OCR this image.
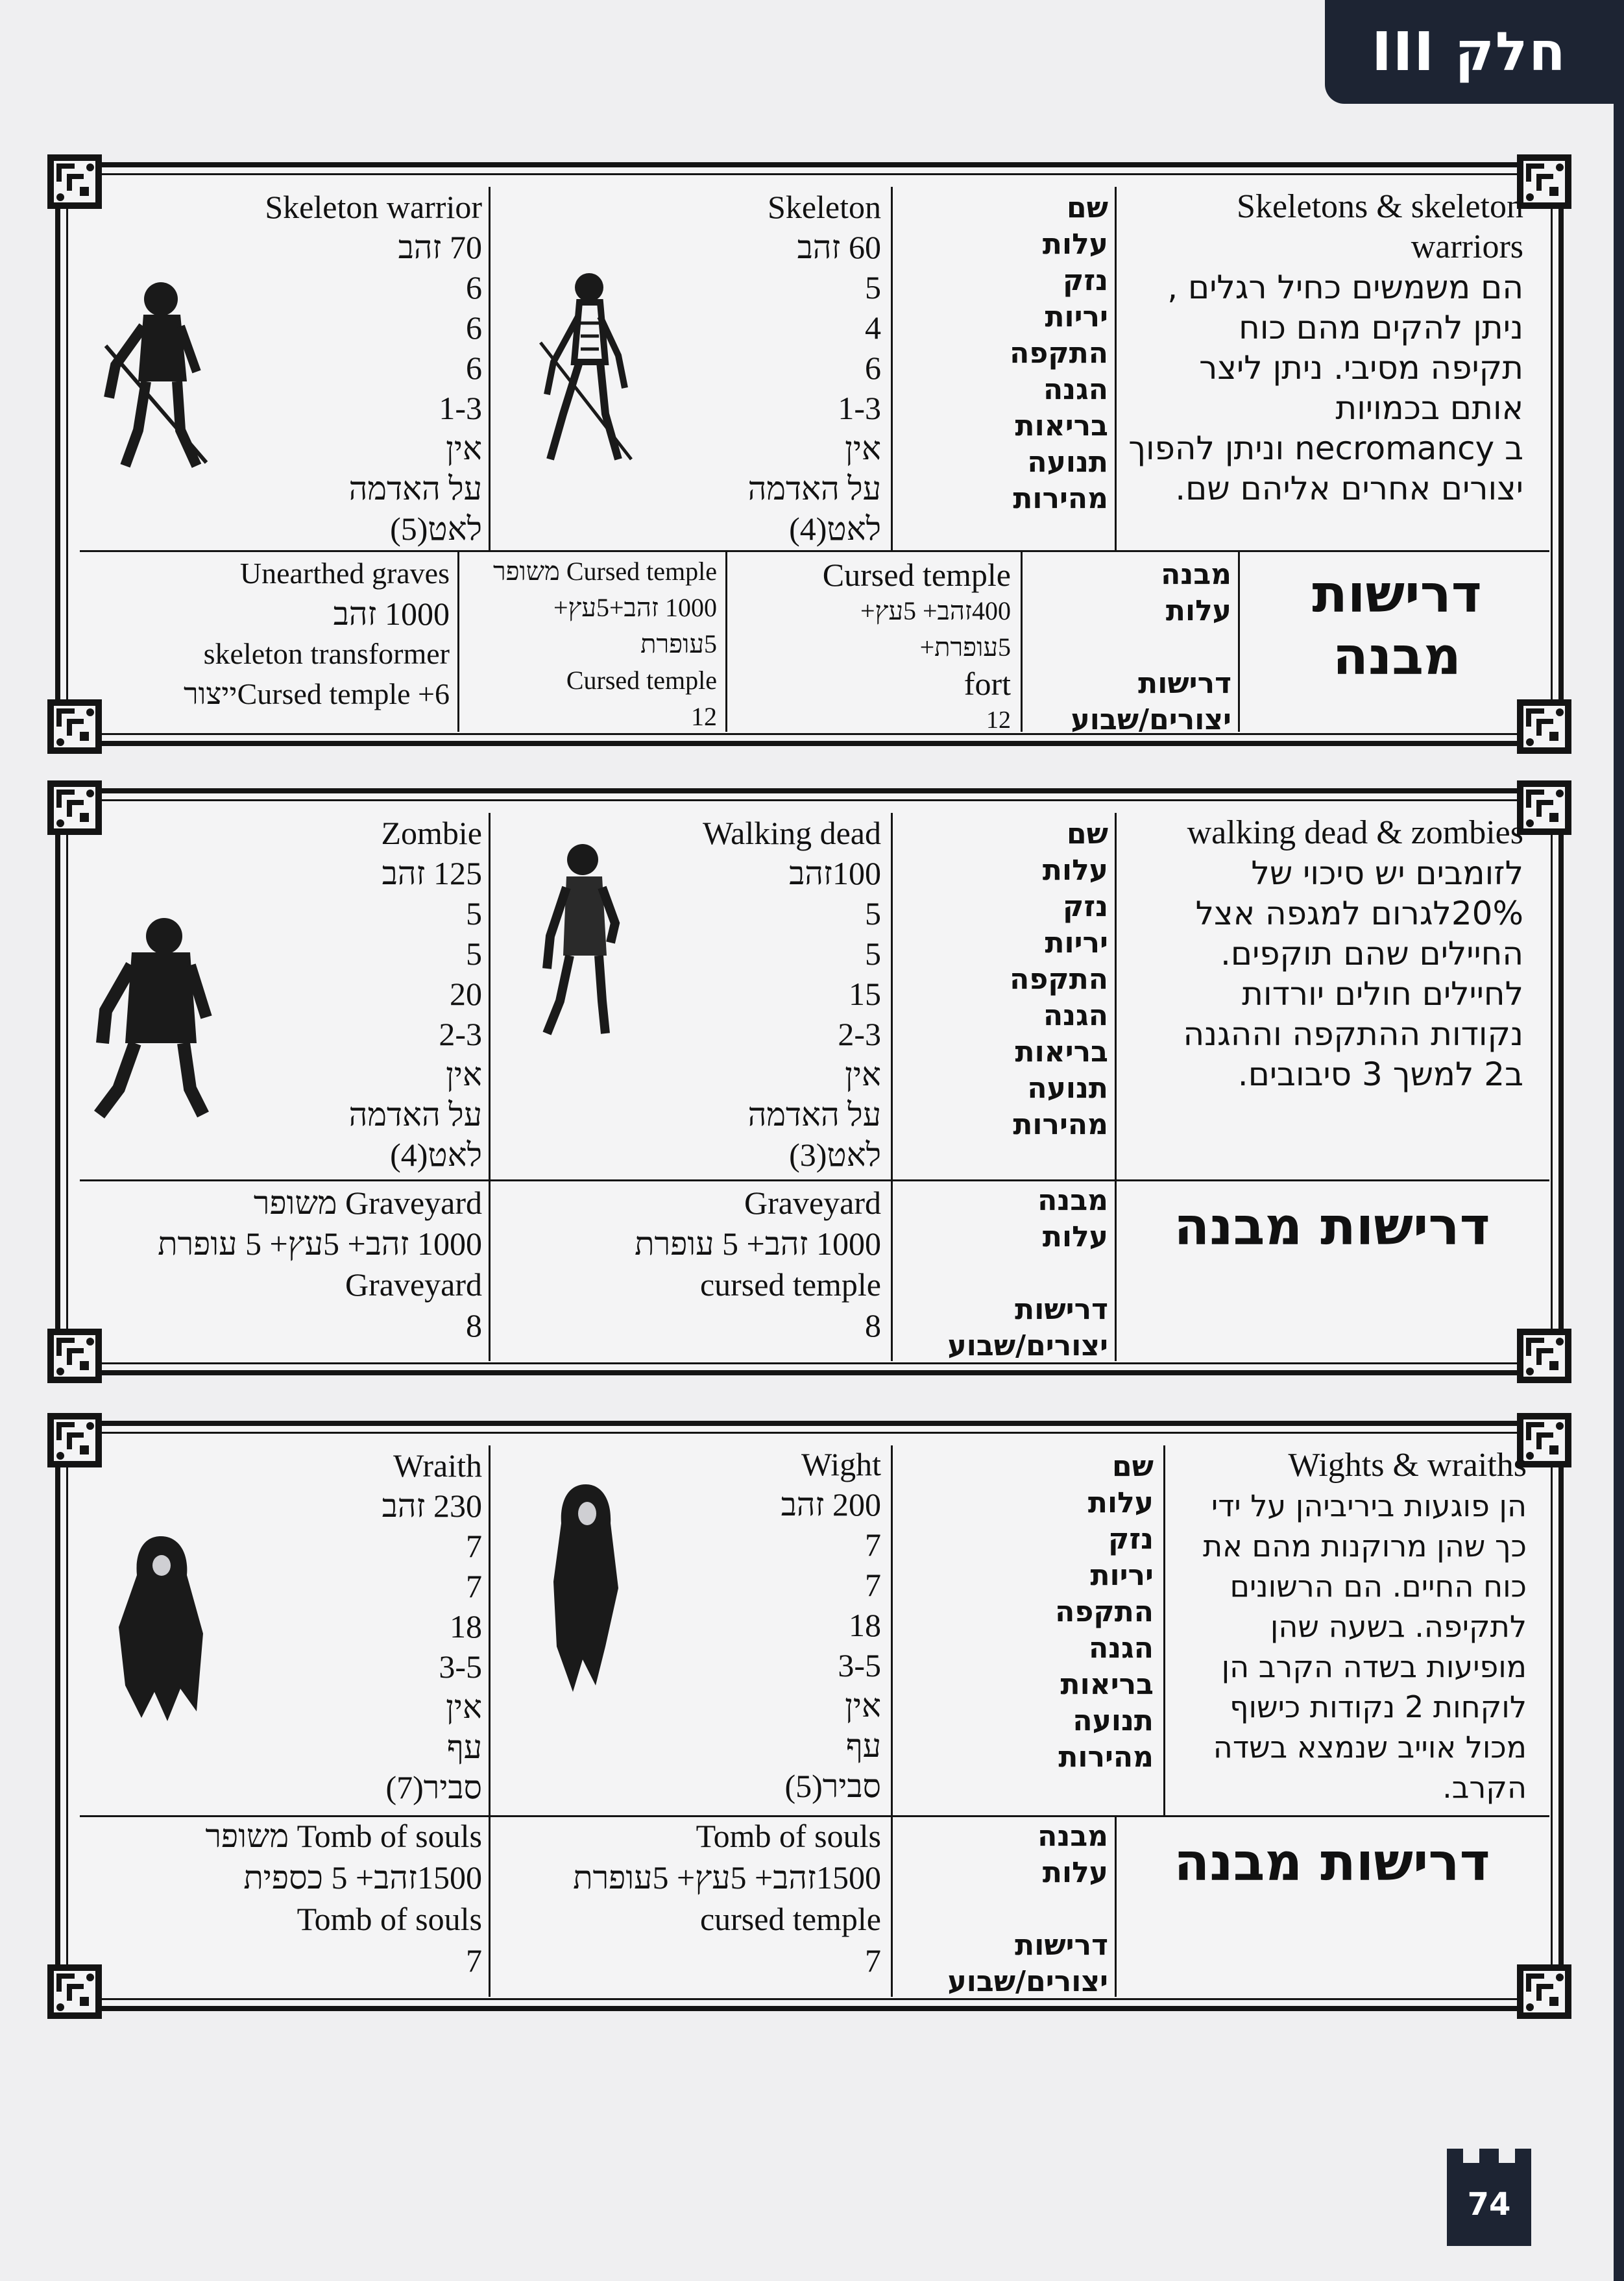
חלק III
Skeletons & skeleton
warriors
הם משמשים כחיל רגלים ,
ניתן להקים מהם כוח
תקיפה מסיבי. ניתן ליצר
אותם בכמויות
ב necromancy וניתן להפוך
יצורים אחרים אליהם שם.
שם
עלות
נזק
יריות
התקפה
הגנה
בריאות
תנועה
מהירות
Skeleton
60 זהב
5
4
6
1-3
אין
על האדמה
לאט(4)
Skeleton warrior
70 זהב
6
6
6
1-3
אין
על האדמה
לאט(5)
דרישות
מבנה
מבנה
עלות
דרישות
יצורים/שבוע
Cursed temple
400זהב+ 5עץ+
5עופרת+
fort
12
Cursed temple משופר
1000 זהב+5עץ+
5עופרת
Cursed temple
12
Unearthed graves
1000 זהב
skeleton transformer
Cursed temple +6ייצור
walking dead & zombies
לזומבים יש סיכוי של
20%לגרום למגפה אצל
החיילים שהם תוקפים.
לחיילים חולים יורדות
נקודות ההתקפה וההגנה
ב2 למשך 3 סיבובים.
שם
עלות
נזק
יריות
התקפה
הגנה
בריאות
תנועה
מהירות
Walking dead
100זהב
5
5
15
2-3
אין
על האדמה
לאט(3)
Zombie
125 זהב
5
5
20
2-3
אין
על האדמה
לאט(4)
דרישות מבנה
מבנה
עלות
דרישות
יצורים/שבוע
Graveyard
1000 זהב+ 5 עופרת
cursed temple
8
Graveyard משופר
1000 זהב+ 5עץ+ 5 עופרת
Graveyard
8
Wights & wraiths
הן פוגעות ביריביהן על ידי
כך שהן מרוקנות מהם את
כוח החיים. הם הרשונים
לתקיפה. בשעה שהן
מופיעות בשדה הקרב הן
לוקחות 2 נקודות כישוף
מכול אוייב שנמצא בשדה
הקרב.
שם
עלות
נזק
יריות
התקפה
הגנה
בריאות
תנועה
מהירות
Wight
200 זהב
7
7
18
3-5
אין
עף
סביר(5)
Wraith
230 זהב
7
7
18
3-5
אין
עף
סביר(7)
דרישות מבנה
מבנה
עלות
דרישות
יצורים/שבוע
Tomb of souls
1500זהב+ 5עץ+ 5עופרת
cursed temple
7
Tomb of souls משופר
1500זהב+ 5 כספית
Tomb of souls
7
74
